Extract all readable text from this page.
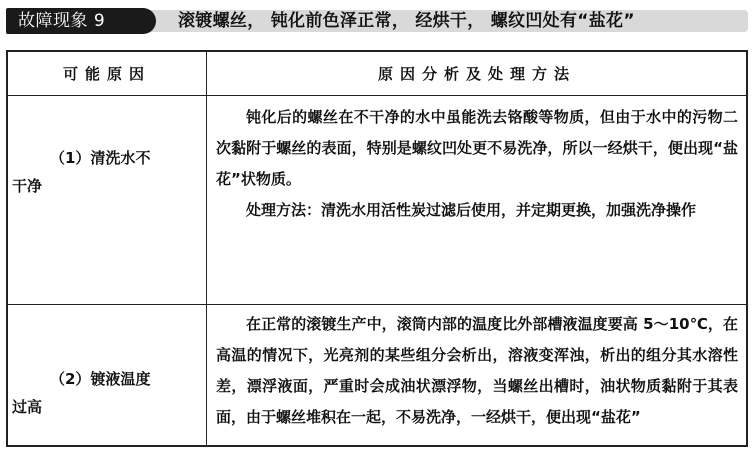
故障现象 9	滚镀螺丝， 钝化前色泽正常， 经烘干， 螺纹凹处有“盐花”
可能原因	原因分析及处理方法
（1）清洗水不
干净
钝化后的螺丝在不干净的水中虽能洗去铬酸等物质，但由于水中的污物二次黏附于螺丝的表面，特别是螺纹凹处更不易洗净，所以一经烘干，便出现“盐花”状物质。
处理方法：清洗水用活性炭过滤后使用，并定期更换，加强洗净操作
（2）镀液温度
过高
在正常的滚镀生产中，滚筒内部的温度比外部槽液温度要高 5～10℃，在高温的情况下，光亮剂的某些组分会析出，溶液变浑浊，析出的组分其水溶性差，漂浮液面，严重时会成油状漂浮物，当螺丝出槽时，油状物质黏附于其表面，由于螺丝堆积在一起，不易洗净，一经烘干，便出现“盐花”
